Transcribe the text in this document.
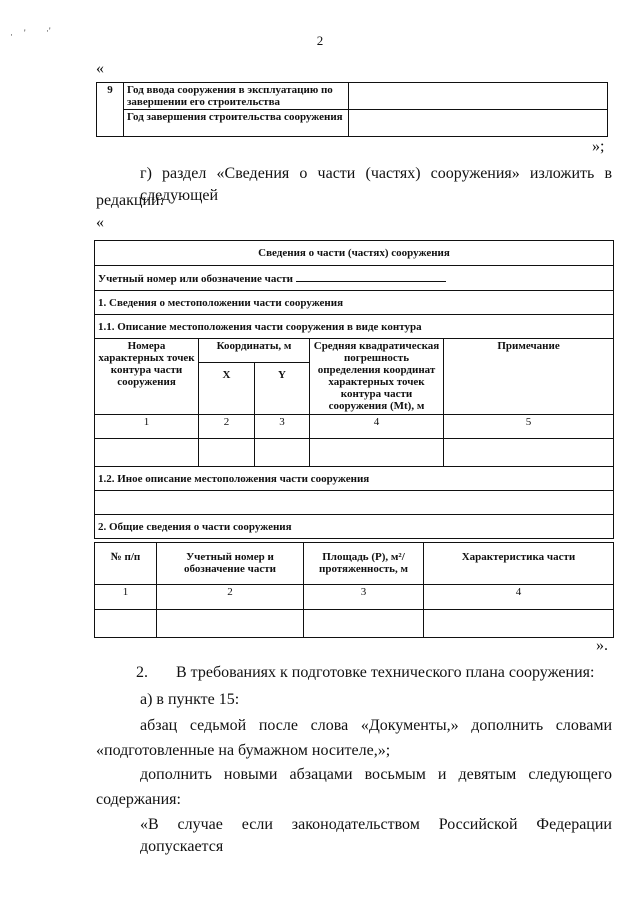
2
· ' ·'
«
9	Год ввода сооружения в эксплуатацию по завершении его строительства	
	Год завершения строительства сооружения	
»;
г) раздел «Сведения о части (частях) сооружения» изложить в следующей
редакции:
«
Сведения о части (частях) сооружения				
Учетный номер или обозначение части				
1. Сведения о местоположении части сооружения				
1.1. Описание местоположения части сооружения в виде контура				
Номера характерных точек контура части сооружения	Координаты, м		Средняя квадратическая погрешность определения координат характерных точек контура части сооружения (Mt), м	Примечание
	X	Y		
1	2	3	4	5

1.2. Иное описание местоположения части сооружения				

2. Общие сведения о части сооружения				
№ п/п	Учетный номер и обозначение части	Площадь (P), м²/ протяженность, м	Характеристика части
1	2	3	4

».
2. В требованиях к подготовке технического плана сооружения:
а) в пункте 15:
абзац седьмой после слова «Документы,» дополнить словами
«подготовленные на бумажном носителе,»;
дополнить новыми абзацами восьмым и девятым следующего
содержания:
«В случае если законодательством Российской Федерации допускается
